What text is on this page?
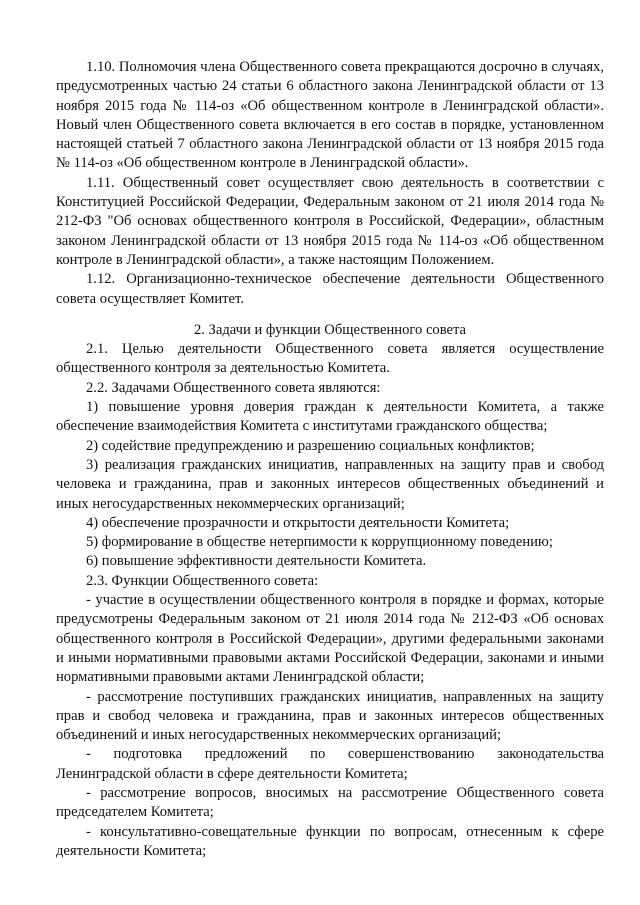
1.10. Полномочия члена Общественного совета прекращаются досрочно в случаях, предусмотренных частью 24 статьи 6 областного закона Ленинградской области от 13 ноября 2015 года № 114-оз «Об общественном контроле в Ленинградской области». Новый член Общественного совета включается в его состав в порядке, установленном настоящей статьей 7 областного закона Ленинградской области от 13 ноября 2015 года № 114-оз «Об общественном контроле в Ленинградской области».

1.11. Общественный совет осуществляет свою деятельность в соответствии с Конституцией Российской Федерации, Федеральным законом от 21 июля 2014 года № 212-ФЗ "Об основах общественного контроля в Российской, Федерации», областным законом Ленинградской области от 13 ноября 2015 года № 114-оз «Об общественном контроле в Ленинградской области», а также настоящим Положением.

1.12. Организационно-техническое обеспечение деятельности Общественного совета осуществляет Комитет.

2. Задачи и функции Общественного совета

2.1. Целью деятельности Общественного совета является осуществление общественного контроля за деятельностью Комитета.

2.2. Задачами Общественного совета являются:

1) повышение уровня доверия граждан к деятельности Комитета, а также обеспечение взаимодействия Комитета с институтами гражданского общества;

2) содействие предупреждению и разрешению социальных конфликтов;

3) реализация гражданских инициатив, направленных на защиту прав и свобод человека и гражданина, прав и законных интересов общественных объединений и иных негосударственных некоммерческих организаций;

4) обеспечение прозрачности и открытости деятельности Комитета;

5) формирование в обществе нетерпимости к коррупционному поведению;

6) повышение эффективности деятельности Комитета.

2.3. Функции Общественного совета:

- участие в осуществлении общественного контроля в порядке и формах, которые предусмотрены Федеральным законом от 21 июля 2014 года № 212-ФЗ «Об основах общественного контроля в Российской Федерации», другими федеральными законами и иными нормативными правовыми актами Российской Федерации, законами и иными нормативными правовыми актами Ленинградской области;

- рассмотрение поступивших гражданских инициатив, направленных на защиту прав и свобод человека и гражданина, прав и законных интересов общественных объединений и иных негосударственных некоммерческих организаций;

- подготовка предложений по совершенствованию законодательства Ленинградской области в сфере деятельности Комитета;

- рассмотрение вопросов, вносимых на рассмотрение Общественного совета председателем Комитета;

- консультативно-совещательные функции по вопросам, отнесенным к сфере деятельности Комитета;
